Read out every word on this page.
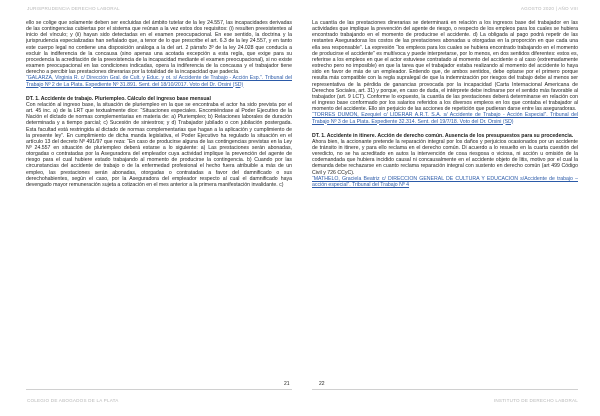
JURISPRUDENCIA DERECHO LABORAL	AGOSTO 2020 | AÑO VIII

ello se colige que solamente deben ser excluidas del ámbito tutelar de la ley 24.557, las incapacidades derivadas de las contingencias cubiertas por el sistema que reúnan a la vez estos dos requisitos: (i) resulten preexistentes al inicio del vínculo; y (ii) hayan sido detectadas en el examen preocupacional. En ese sentido, la doctrina y la jurisprudencia especializadas han señalado que, a tenor de lo que prescribe el art. 6.3 de la ley 24.557, y en tanto este cuerpo legal no contiene una disposición análoga a la del art. 2 párrafo 3º de la ley 24.028 que conducía a excluir la indiferencia de la concausa (sino apenas una acotada excepción a esta regla, que exige para su procedencia la acreditación de la preexistencia de la incapacidad mediante el examen preocupacional), si no existe examen preocupacional en las condiciones indicadas, opera la indiferencia de la concausa y el trabajador tiene derecho a percibir las prestaciones dinerarias por la totalidad de la incapacidad que padecía.

“GALARZA, Virginia R. c/ Dirección Gral. de Cult. y Educ. y ot. s/ Accidente de Trabajo - Acción Esp.”. Tribunal del Trabajo Nº 2 de La Plata. Expediente Nº 31.891. Sent. del 18/10/2017. Voto del Dr. Orsini (SD)

DT. 1. Accidente de trabajo. Pluriempleo. Cálculo del ingreso base mensual

Con relación al ingreso base, la situación de pluriempleo en la que se encontraba el actor ha sido prevista por el art. 45 inc. a) de la LRT que textualmente dice: “Situaciones especiales. Encomiéndase al Poder Ejecutivo de la Nación el dictado de normas complementarias en materia de: a) Pluriempleo; b) Relaciones laborales de duración determinada y a tiempo parcial; c) Sucesión de siniestros; y d) Trabajador jubilado o con jubilación postergada. Esta facultad está restringida al dictado de normas complementarias que hagan a la aplicación y cumplimiento de la presente ley”. En cumplimiento de dicha manda legislativa, el Poder Ejecutivo ha regulado la situación en el artículo 13 del decreto Nº 491/97 que reza: “En caso de producirse alguna de las contingencias previstas en la Ley Nº 24.557 en situación de pluriempleo deberá estarse a lo siguiente: a) Las prestaciones serán abonadas, otorgadas o contratadas por la Aseguradora del empleador cuya actividad implique la prevención del agente de riesgo para el cual hubiere estado trabajando al momento de producirse la contingencia. b) Cuando por las circunstancias del accidente de trabajo o de la enfermedad profesional el hecho fuera atribuible a más de un empleo, las prestaciones serán abonadas, otorgadas o contratadas a favor del damnificado o sus derechohabientes, según el caso, por la Aseguradora del empleador respecto al cual el damnificado haya devengado mayor remuneración sujeta a cotización en el mes anterior a la primera manifestación invalidante. c)

La cuantía de las prestaciones dinerarias se determinará en relación a los ingresos base del trabajador en las actividades que implique la prevención del agente de riesgo, o respecto de los empleos para los cuales se hubiera encontrado trabajando en el momento de producirse el accidente. d) La obligada al pago podrá repetir de las restantes Aseguradoras los costos de las prestaciones abonadas u otorgadas en la proporción en que cada una ella sea responsable”. La expresión “los empleos para los cuales se hubiera encontrado trabajando en el momento de producirse el accidente” es multívoca y puede interpretarse, por lo menos, en dos sentidos diferentes: estos es, referirse a los empleos en que el actor estuviese contratado al momento del accidente o al caso (extremadamente estrecho pero no imposible) en que la tarea que el trabajador estaba realizando al momento del accidente lo haya sido en favor de más de un empleador. Entiendo que, de ambos sentidos, debe optarse por el primero porque resulta más compatible con la regla supralegal de que la indemnización por riesgos del trabajo debe al menos ser representativa de la pérdida de ganancias provocada por la incapacidad (Carta Internacional Americana de Derechos Sociales, art. 31) y porque, en caso de duda, el intérprete debe inclinarse por el sentido más favorable al trabajador (art. 9 LCT). Conforme lo expuesto, la cuantía de las prestaciones deberá determinarse en relación con el ingreso base conformado por los salarios referidos a los diversos empleos en los que contaba el trabajador al momento del accidente. Ello sin perjuicio de las acciones de repetición que pudieran darse entre las aseguradoras.

“TORRES DUMON, Ezequiel c/ LIDERAR A.R.T. S.A. s/ Accidente de Trabajo - Acción Especial”. Tribunal del Trabajo Nº 3 de La Plata. Expediente 32.314. Sent. del 19/7/18. Voto del Dr. Orsini (SD)

DT. 1. Accidente in itinere. Acción de derecho común. Ausencia de los presupuestos para su procedencia.

Ahora bien, la accionante pretende la reparación integral por los daños y perjuicios ocasionados por un accidente de tránsito in itinere, y para ello reclama en el derecho común. Di acuerdo a lo resuelto en la cuarta cuestión del veredicto, no se ha acreditado en autos la intervención de cosa riesgosa o viciosa, ni acción u omisión de la codemandada que hubiera incidido causal ni concausalmente en el accidente objeto de litis, motivo por el cual la demanda debe rechazarse en cuanto reclama reparación integral con sustento en derecho común (art 499 Código Civil y 726 CCyC).

“MATHELO, Graciela Beatriz c/ DIRECCION GENERAL DE CULTURA Y EDUCACION s/Accidente de trabajo – acción especial”. Tribunal del Trabajo Nº 4

21	22
COLEGIO DE ABOGADOS DE LA PLATA	INSTITUTO DE DERECHO LABORAL
